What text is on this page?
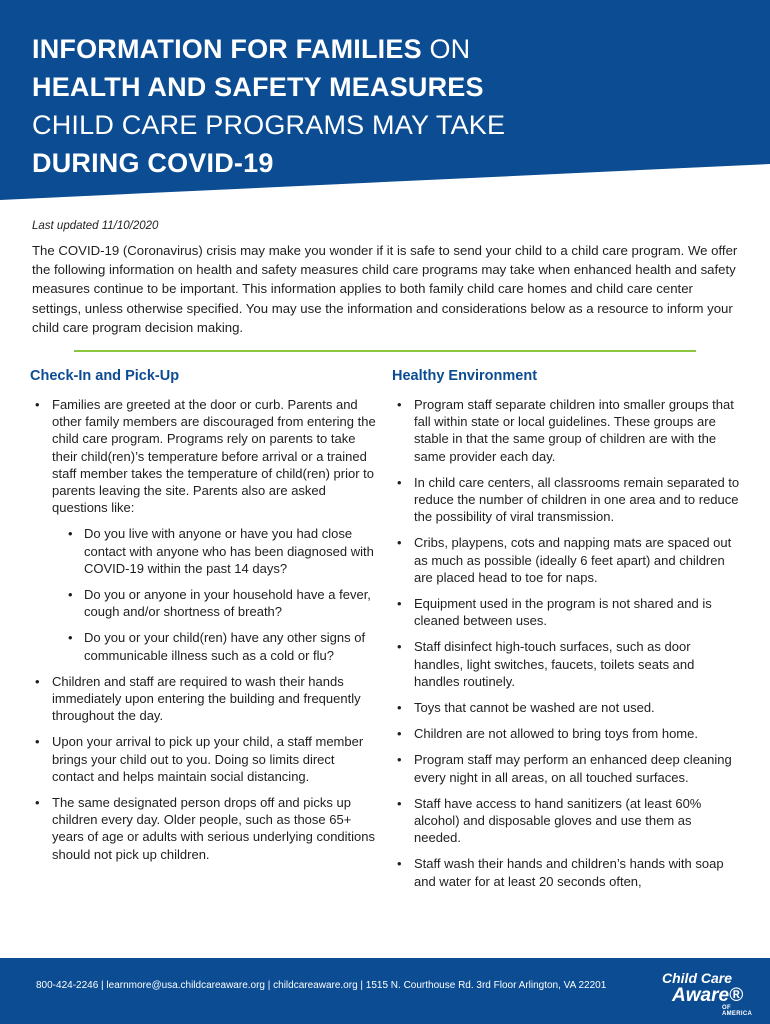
INFORMATION FOR FAMILIES ON
HEALTH AND SAFETY MEASURES
CHILD CARE PROGRAMS MAY TAKE
DURING COVID-19
Last updated 11/10/2020

The COVID-19 (Coronavirus) crisis may make you wonder if it is safe to send your child to a child care program. We offer the following information on health and safety measures child care programs may take when enhanced health and safety measures continue to be important. This information applies to both family child care homes and child care center settings, unless otherwise specified. You may use the information and considerations below as a resource to inform your child care program decision making.

Check-In and Pick-Up
• Families are greeted at the door or curb. Parents and other family members are discouraged from entering the child care program. Programs rely on parents to take their child(ren)’s temperature before arrival or a trained staff member takes the temperature of child(ren) prior to parents leaving the site. Parents also are asked questions like:
• Do you live with anyone or have you had close contact with anyone who has been diagnosed with COVID-19 within the past 14 days?
• Do you or anyone in your household have a fever, cough and/or shortness of breath?
• Do you or your child(ren) have any other signs of communicable illness such as a cold or flu?
• Children and staff are required to wash their hands immediately upon entering the building and frequently throughout the day.
• Upon your arrival to pick up your child, a staff member brings your child out to you. Doing so limits direct contact and helps maintain social distancing.
• The same designated person drops off and picks up children every day. Older people, such as those 65+ years of age or adults with serious underlying conditions should not pick up children.
Healthy Environment
• Program staff separate children into smaller groups that fall within state or local guidelines. These groups are stable in that the same group of children are with the same provider each day.
• In child care centers, all classrooms remain separated to reduce the number of children in one area and to reduce the possibility of viral transmission.
• Cribs, playpens, cots and napping mats are spaced out as much as possible (ideally 6 feet apart) and children are placed head to toe for naps.
• Equipment used in the program is not shared and is cleaned between uses.
• Staff disinfect high-touch surfaces, such as door handles, light switches, faucets, toilets seats and handles routinely.
• Toys that cannot be washed are not used.
• Children are not allowed to bring toys from home.
• Program staff may perform an enhanced deep cleaning every night in all areas, on all touched surfaces.
• Staff have access to hand sanitizers (at least 60% alcohol) and disposable gloves and use them as needed.
• Staff wash their hands and children’s hands with soap and water for at least 20 seconds often,
800-424-2246 | learnmore@usa.childcareaware.org | childcareaware.org | 1515 N. Courthouse Rd. 3rd Floor Arlington, VA 22201	Child Care
Aware®
OF AMERICA
